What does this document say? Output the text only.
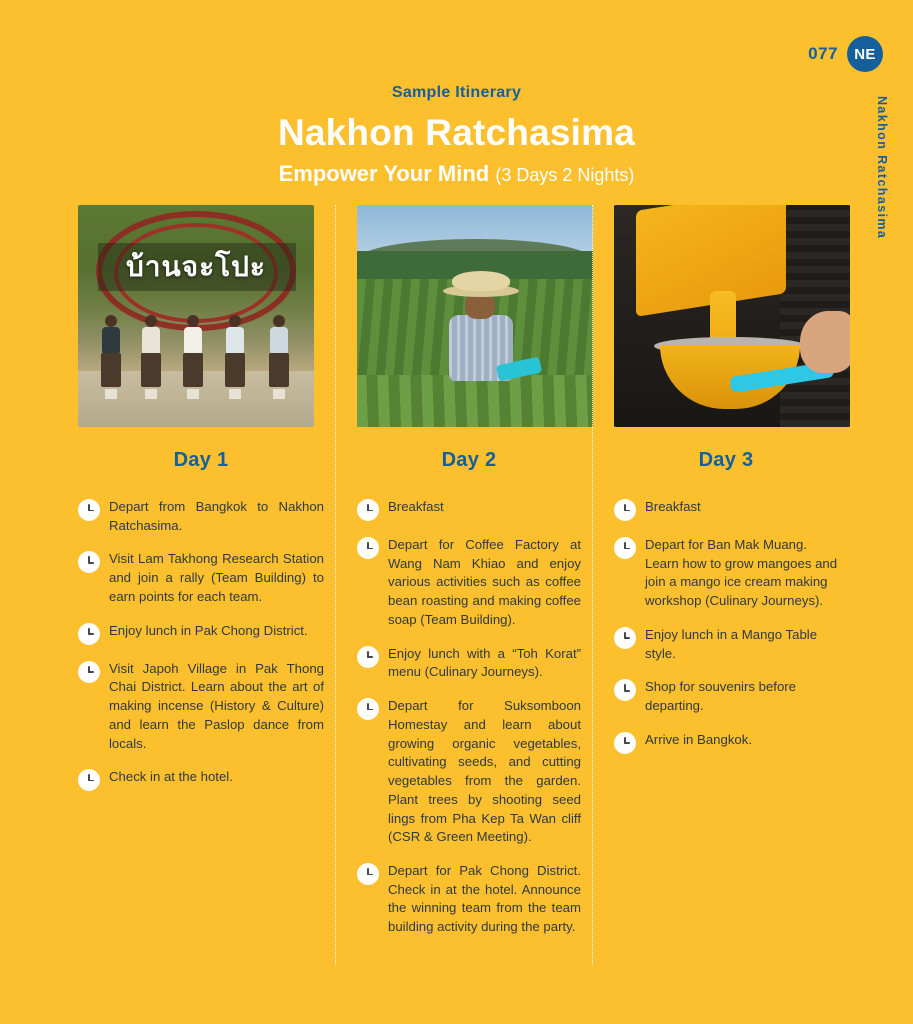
077	NE
Nakhon Ratchasima
Sample Itinerary
Nakhon Ratchasima
Empower Your Mind (3 Days 2 Nights)
บ้านจะโปะ
Day 1
Depart from Bangkok to Nakhon Ratchasima.
Visit Lam Takhong Research Station and join a rally (Team Building) to earn points for each team.
Enjoy lunch in Pak Chong District.
Visit Japoh Village in Pak Thong Chai District. Learn about the art of making incense (History & Culture) and learn the Paslop dance from locals.
Check in at the hotel.
Day 2
Breakfast
Depart for Coffee Factory at Wang Nam Khiao and enjoy various activities such as coffee bean roasting and making coffee soap (Team Building).
Enjoy lunch with a “Toh Korat” menu (Culinary Journeys).
Depart for Suksomboon Homestay and learn about growing organic vegetables, cultivating seeds, and cutting vegetables from the garden. Plant trees by shooting seed lings from Pha Kep Ta Wan cliff (CSR & Green Meeting).
Depart for Pak Chong District. Check in at the hotel. Announce the winning team from the team building activity during the party.
Day 3
Breakfast
Depart for Ban Mak Muang. Learn how to grow mangoes and join a mango ice cream making workshop (Culinary Journeys).
Enjoy lunch in a Mango Table style.
Shop for souvenirs before departing.
Arrive in Bangkok.
